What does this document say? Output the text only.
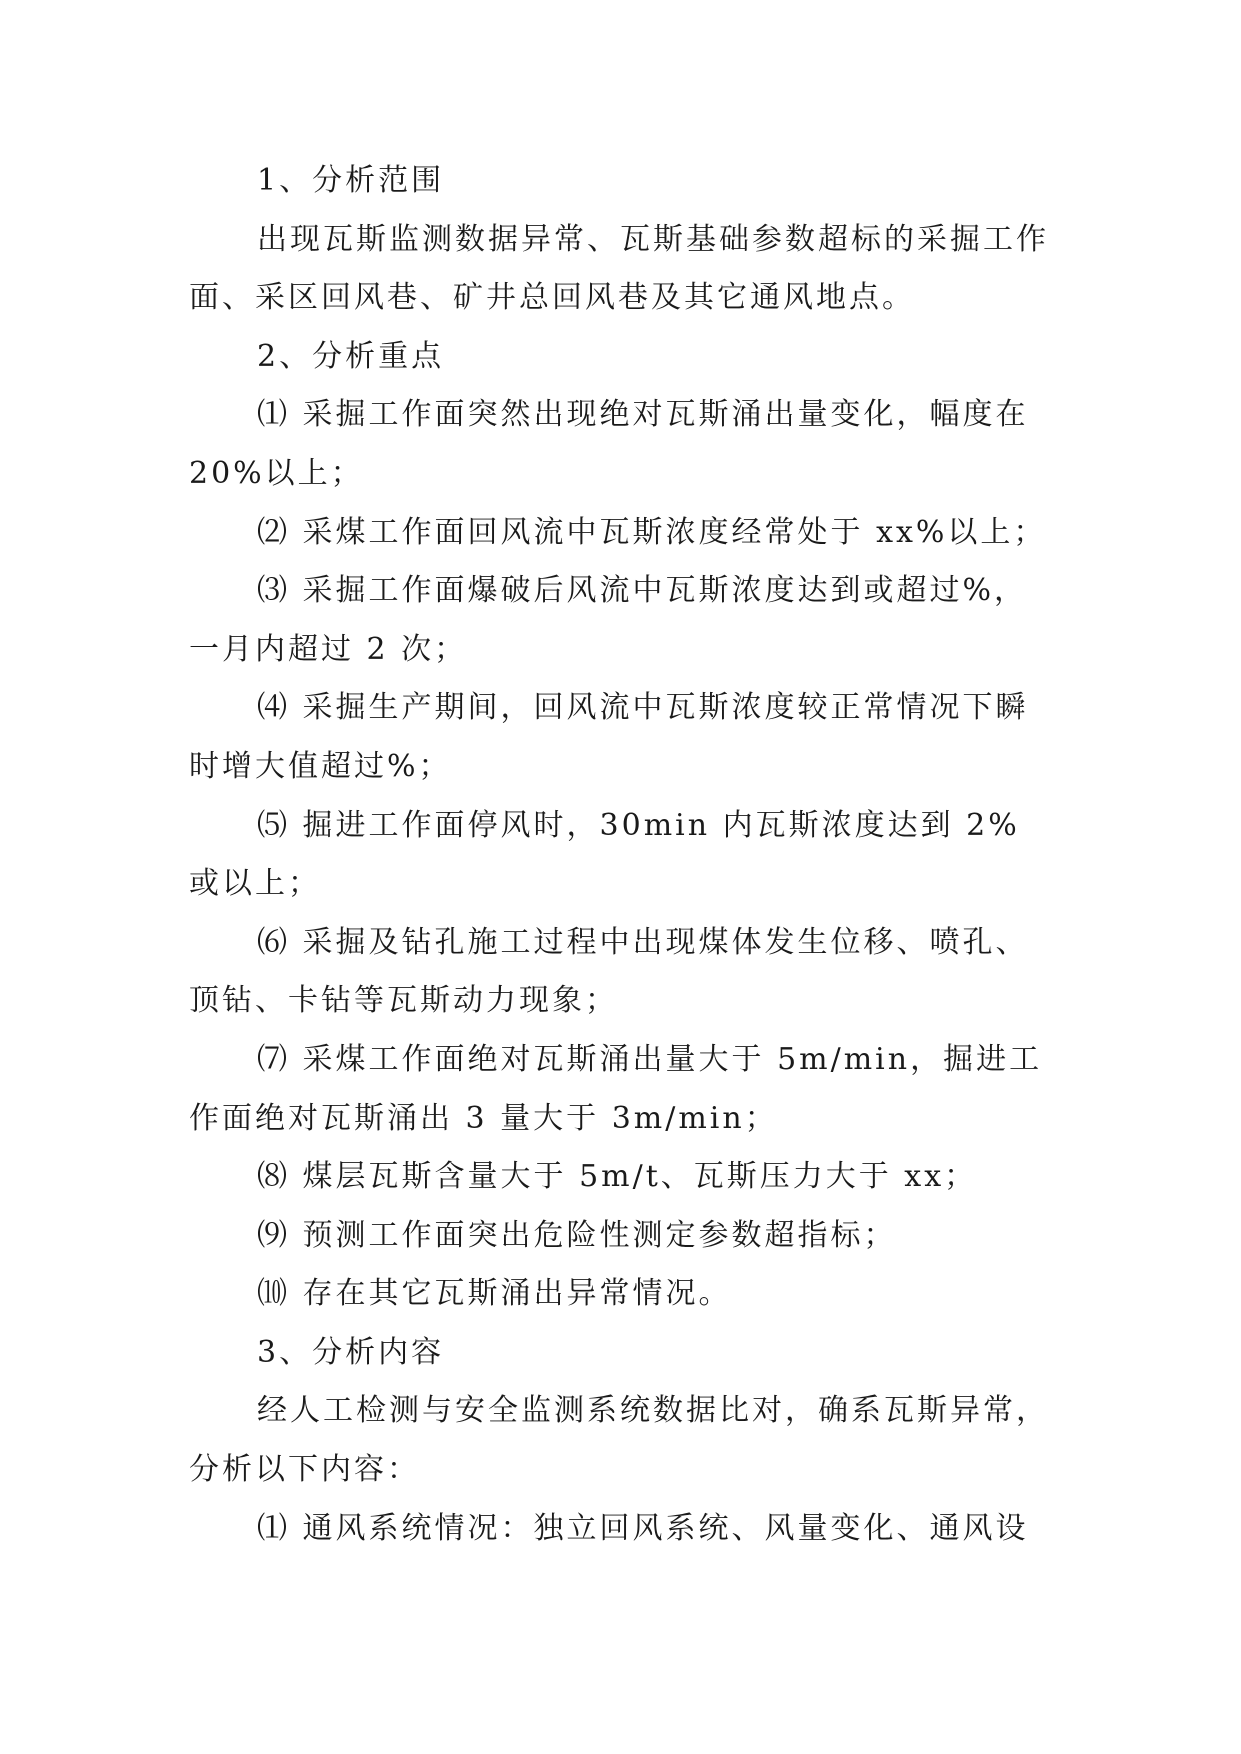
1、分析范围

出现瓦斯监测数据异常、瓦斯基础参数超标的采掘工作面、采区回风巷、矿井总回风巷及其它通风地点。

2、分析重点

⑴ 采掘工作面突然出现绝对瓦斯涌出量变化，幅度在20%以上；

⑵ 采煤工作面回风流中瓦斯浓度经常处于 xx%以上；

⑶ 采掘工作面爆破后风流中瓦斯浓度达到或超过%，一月内超过 2 次；

⑷ 采掘生产期间，回风流中瓦斯浓度较正常情况下瞬时增大值超过%；

⑸ 掘进工作面停风时，30min 内瓦斯浓度达到 2%或以上；

⑹ 采掘及钻孔施工过程中出现煤体发生位移、喷孔、顶钻、卡钻等瓦斯动力现象；

⑺ 采煤工作面绝对瓦斯涌出量大于 5m/min，掘进工作面绝对瓦斯涌出 3 量大于 3m/min；

⑻ 煤层瓦斯含量大于 5m/t、瓦斯压力大于 xx；

⑼ 预测工作面突出危险性测定参数超指标；

⑽ 存在其它瓦斯涌出异常情况。

3、分析内容

经人工检测与安全监测系统数据比对，确系瓦斯异常，分析以下内容：

⑴ 通风系统情况：独立回风系统、风量变化、通风设
